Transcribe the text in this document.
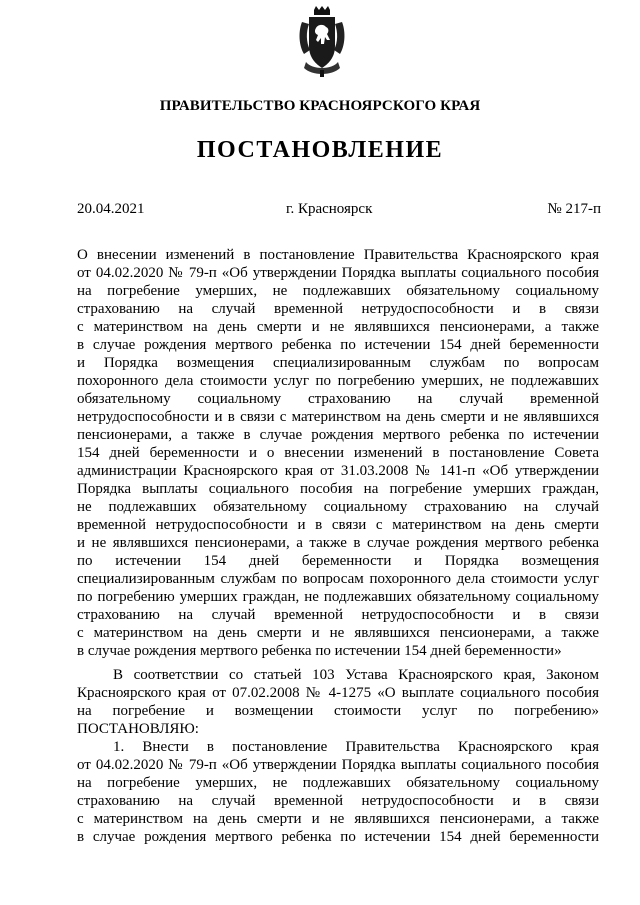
ПРАВИТЕЛЬСТВО КРАСНОЯРСКОГО КРАЯ
ПОСТАНОВЛЕНИЕ
20.04.2021	г. Красноярск	№ 217-п
О внесении изменений в постановление Правительства Красноярского края
от 04.02.2020 № 79-п «Об утверждении Порядка выплаты социального пособия
на погребение умерших, не подлежавших обязательному социальному
страхованию на случай временной нетрудоспособности и в связи
с материнством на день смерти и не являвшихся пенсионерами, а также
в случае рождения мертвого ребенка по истечении 154 дней беременности
и Порядка возмещения специализированным службам по вопросам
похоронного дела стоимости услуг по погребению умерших, не подлежавших
обязательному социальному страхованию на случай временной
нетрудоспособности и в связи с материнством на день смерти и не являвшихся
пенсионерами, а также в случае рождения мертвого ребенка по истечении
154 дней беременности и о внесении изменений в постановление Совета
администрации Красноярского края от 31.03.2008 № 141-п «Об утверждении
Порядка выплаты социального пособия на погребение умерших граждан,
не подлежавших обязательному социальному страхованию на случай
временной нетрудоспособности и в связи с материнством на день смерти
и не являвшихся пенсионерами, а также в случае рождения мертвого ребенка
по истечении 154 дней беременности и Порядка возмещения
специализированным службам по вопросам похоронного дела стоимости услуг
по погребению умерших граждан, не подлежавших обязательному социальному
страхованию на случай временной нетрудоспособности и в связи
с материнством на день смерти и не являвшихся пенсионерами, а также
в случае рождения мертвого ребенка по истечении 154 дней беременности»
В соответствии со статьей 103 Устава Красноярского края, Законом
Красноярского края от 07.02.2008 № 4-1275 «О выплате социального пособия
на погребение и возмещении стоимости услуг по погребению»
ПОСТАНОВЛЯЮ:
1. Внести в постановление Правительства Красноярского края
от 04.02.2020 № 79-п «Об утверждении Порядка выплаты социального пособия
на погребение умерших, не подлежавших обязательному социальному
страхованию на случай временной нетрудоспособности и в связи
с материнством на день смерти и не являвшихся пенсионерами, а также
в случае рождения мертвого ребенка по истечении 154 дней беременности
